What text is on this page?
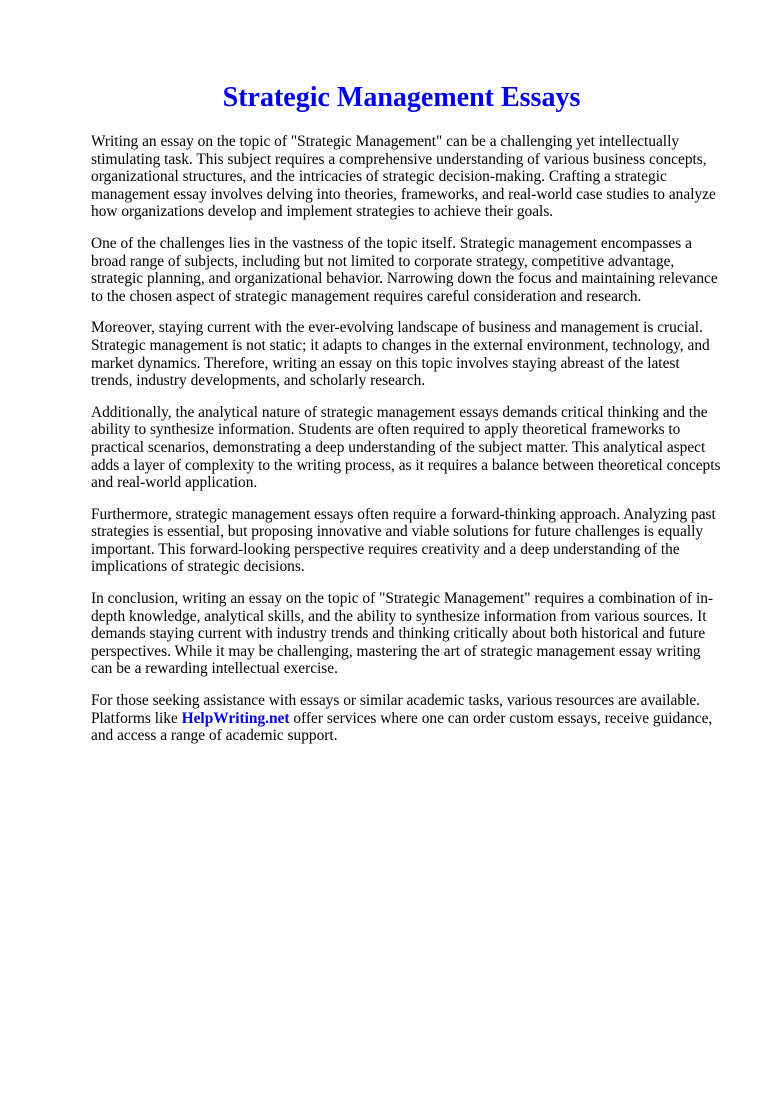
Strategic Management Essays

Writing an essay on the topic of "Strategic Management" can be a challenging yet intellectually stimulating task. This subject requires a comprehensive understanding of various business concepts, organizational structures, and the intricacies of strategic decision-making. Crafting a strategic management essay involves delving into theories, frameworks, and real-world case studies to analyze how organizations develop and implement strategies to achieve their goals.

One of the challenges lies in the vastness of the topic itself. Strategic management encompasses a broad range of subjects, including but not limited to corporate strategy, competitive advantage, strategic planning, and organizational behavior. Narrowing down the focus and maintaining relevance to the chosen aspect of strategic management requires careful consideration and research.

Moreover, staying current with the ever-evolving landscape of business and management is crucial. Strategic management is not static; it adapts to changes in the external environment, technology, and market dynamics. Therefore, writing an essay on this topic involves staying abreast of the latest trends, industry developments, and scholarly research.

Additionally, the analytical nature of strategic management essays demands critical thinking and the ability to synthesize information. Students are often required to apply theoretical frameworks to practical scenarios, demonstrating a deep understanding of the subject matter. This analytical aspect adds a layer of complexity to the writing process, as it requires a balance between theoretical concepts and real-world application.

Furthermore, strategic management essays often require a forward-thinking approach. Analyzing past strategies is essential, but proposing innovative and viable solutions for future challenges is equally important. This forward-looking perspective requires creativity and a deep understanding of the implications of strategic decisions.

In conclusion, writing an essay on the topic of "Strategic Management" requires a combination of in-depth knowledge, analytical skills, and the ability to synthesize information from various sources. It demands staying current with industry trends and thinking critically about both historical and future perspectives. While it may be challenging, mastering the art of strategic management essay writing can be a rewarding intellectual exercise.

For those seeking assistance with essays or similar academic tasks, various resources are available. Platforms like HelpWriting.net offer services where one can order custom essays, receive guidance, and access a range of academic support.
